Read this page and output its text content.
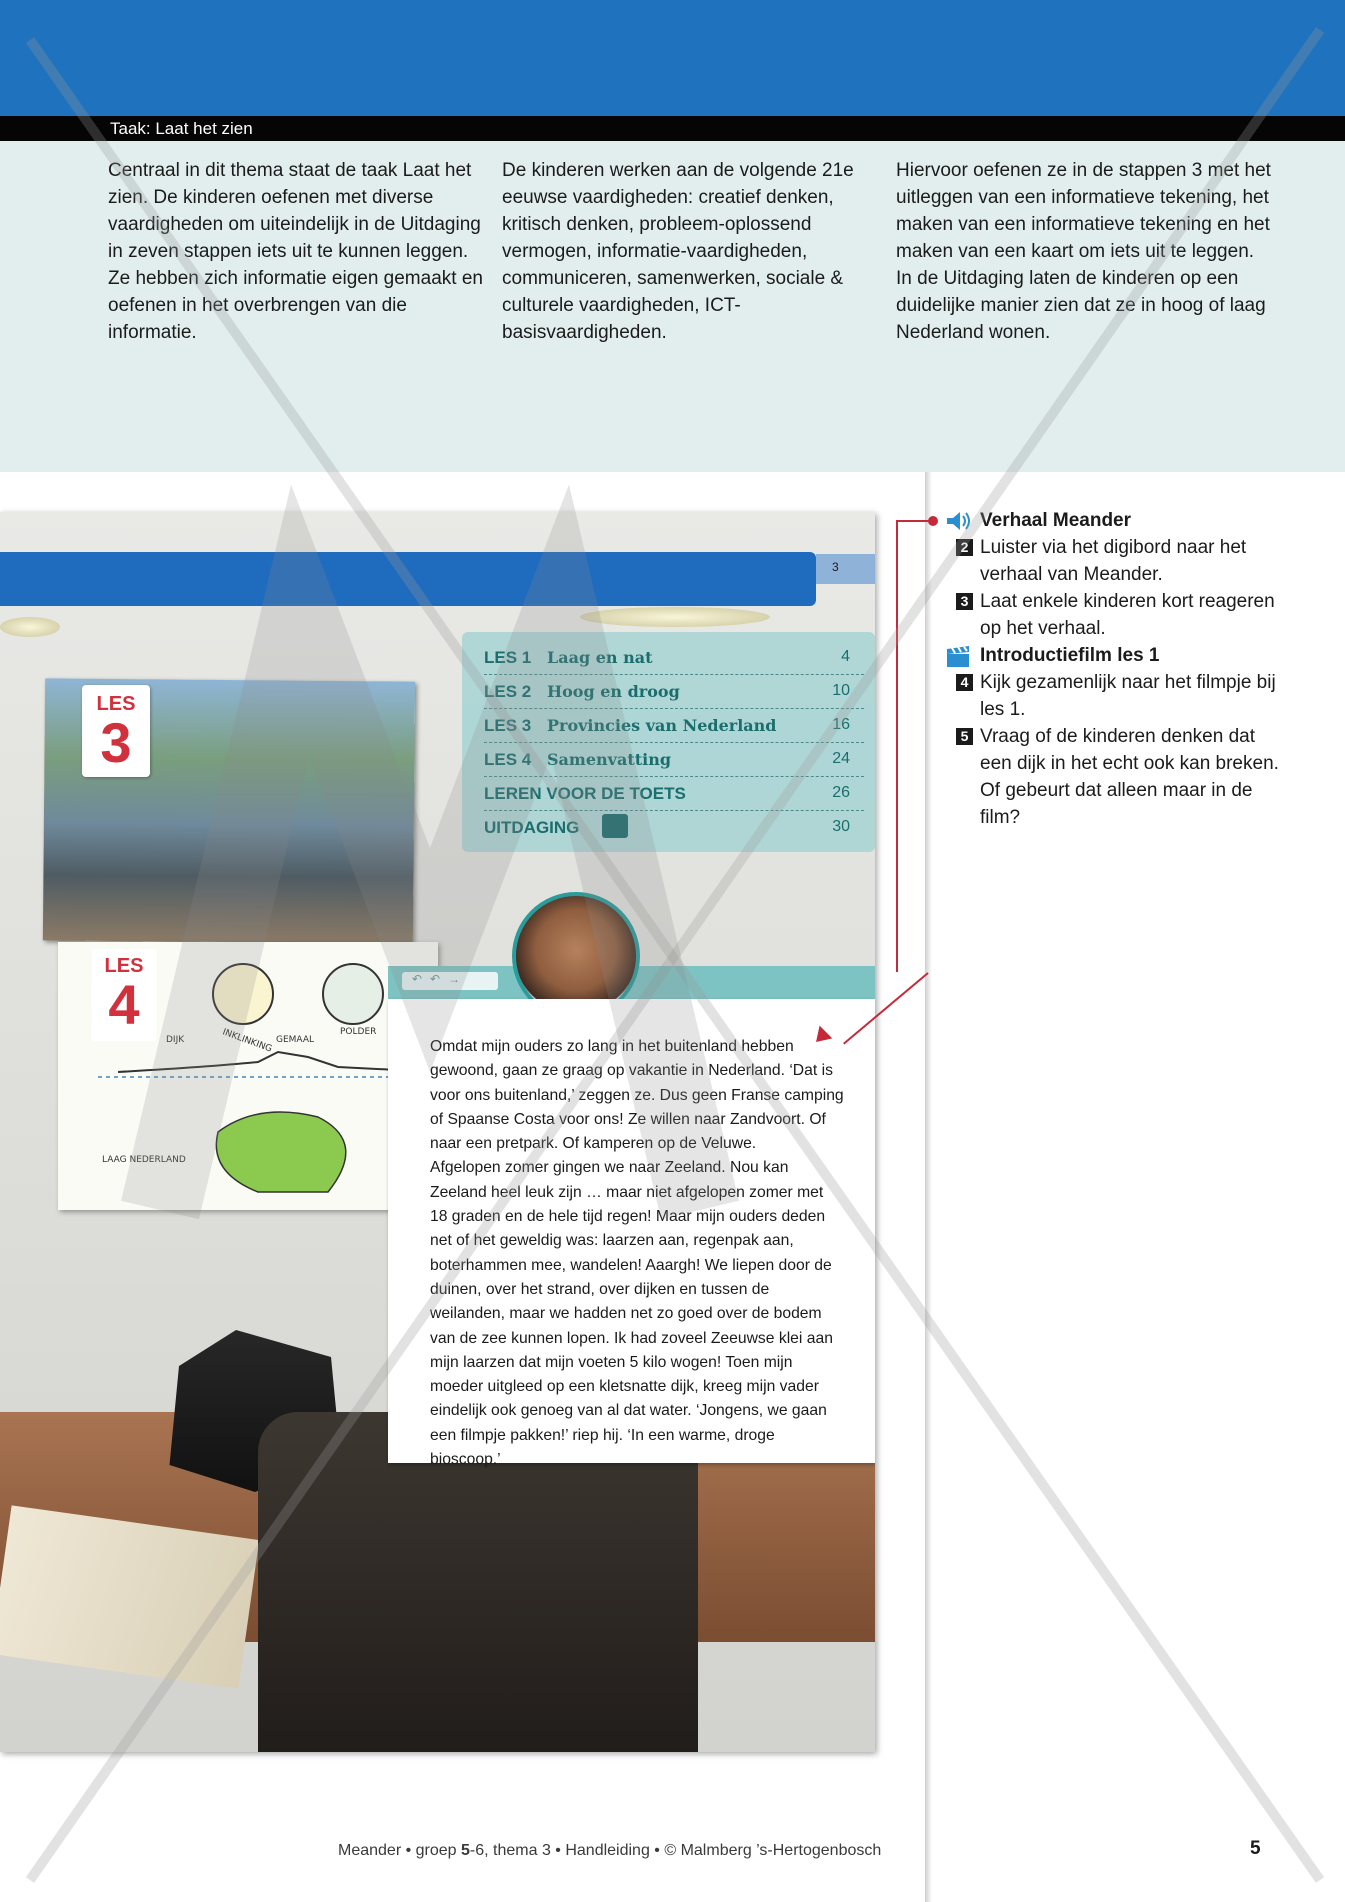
Taak: Laat het zien
Centraal in dit thema staat de taak Laat het zien. De kinderen oefenen met diverse vaardigheden om uiteindelijk in de Uitdaging in zeven stappen iets uit te kunnen leggen. Ze hebben zich informatie eigen gemaakt en oefenen in het overbrengen van die informatie.
De kinderen werken aan de volgende 21e eeuwse vaardigheden: creatief denken, kritisch denken, probleem-oplossend vermogen, informatie-vaardigheden, communiceren, samenwerken, sociale & culturele vaardigheden, ICT-basisvaardigheden.
Hiervoor oefenen ze in de stappen 3 met het uitleggen van een informatieve tekening, het maken van een informatieve tekening en het maken van een kaart om iets uit te leggen. In de Uitdaging laten de kinderen op een duidelijke manier zien dat ze in hoog of laag Nederland wonen.
3
LES 1 Laag en nat	4
LES 2 Hoog en droog	10
LES 3 Provincies van Nederland	16
LES 4 Samenvatting	24
LEREN VOOR DE TOETS	26
UITDAGING	30
LES
3
INKLINKING	POLDER
DIJK	GEMAAL
LAAG NEDERLAND
LES
4	↶↶→
Omdat mijn ouders zo lang in het buitenland hebben gewoond, gaan ze graag op vakantie in Nederland. ‘Dat is voor ons buitenland,’ zeggen ze. Dus geen Franse camping of Spaanse Costa voor ons! Ze willen naar Zandvoort. Of naar een pretpark. Of kamperen op de Veluwe.
Afgelopen zomer gingen we naar Zeeland. Nou kan Zeeland heel leuk zijn … maar niet afgelopen zomer met 18 graden en de hele tijd regen! Maar mijn ouders deden net of het geweldig was: laarzen aan, regenpak aan, boterhammen mee, wandelen! Aaargh! We liepen door de duinen, over het strand, over dijken en tussen de weilanden, maar we hadden net zo goed over de bodem van de zee kunnen lopen. Ik had zoveel Zeeuwse klei aan mijn laarzen dat mijn voeten 5 kilo wogen! Toen mijn moeder uitgleed op een kletsnatte dijk, kreeg mijn vader eindelijk ook genoeg van al dat water. ‘Jongens, we gaan een filmpje pakken!’ riep hij. ‘In een warme, droge bioscoop.’
Verhaal Meander
2 Luister via het digibord naar het verhaal van Meander.
3 Laat enkele kinderen kort reageren op het verhaal.
Introductiefilm les 1
4 Kijk gezamenlijk naar het filmpje bij les 1.
5 Vraag of de kinderen denken dat een dijk in het echt ook kan breken. Of gebeurt dat alleen maar in de film?
Meander • groep 5-6, thema 3 • Handleiding • © Malmberg ’s-Hertogenbosch	5
